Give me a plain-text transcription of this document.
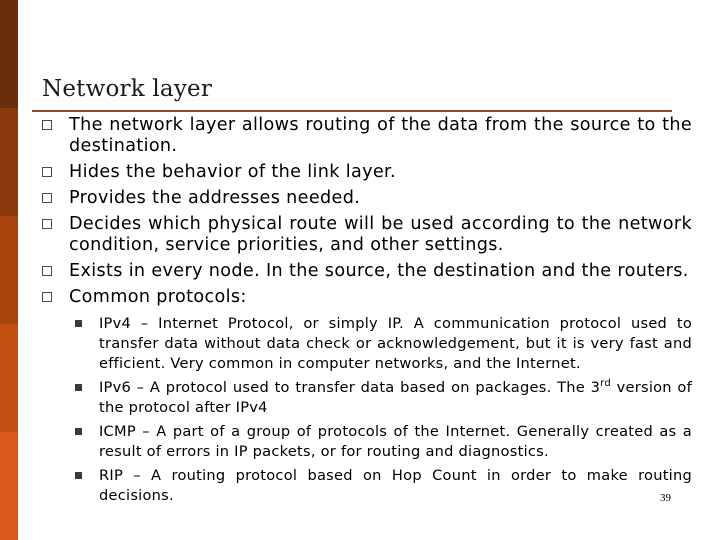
Network layer
The network layer allows routing of the data from the source to the destination.
Hides the behavior of the link layer.
Provides the addresses needed.
Decides which physical route will be used according to the network condition, service priorities, and other settings.
Exists in every node. In the source, the destination and the routers.
Common protocols:
IPv4 – Internet Protocol, or simply IP. A communication protocol used to transfer data without data check or acknowledgement, but it is very fast and efficient. Very common in computer networks, and the Internet.
IPv6 – A protocol used to transfer data based on packages. The 3rd version of the protocol after IPv4
ICMP – A part of a group of protocols of the Internet. Generally created as a result of errors in IP packets, or for routing and diagnostics.
RIP – A routing protocol based on Hop Count in order to make routing decisions.	39
